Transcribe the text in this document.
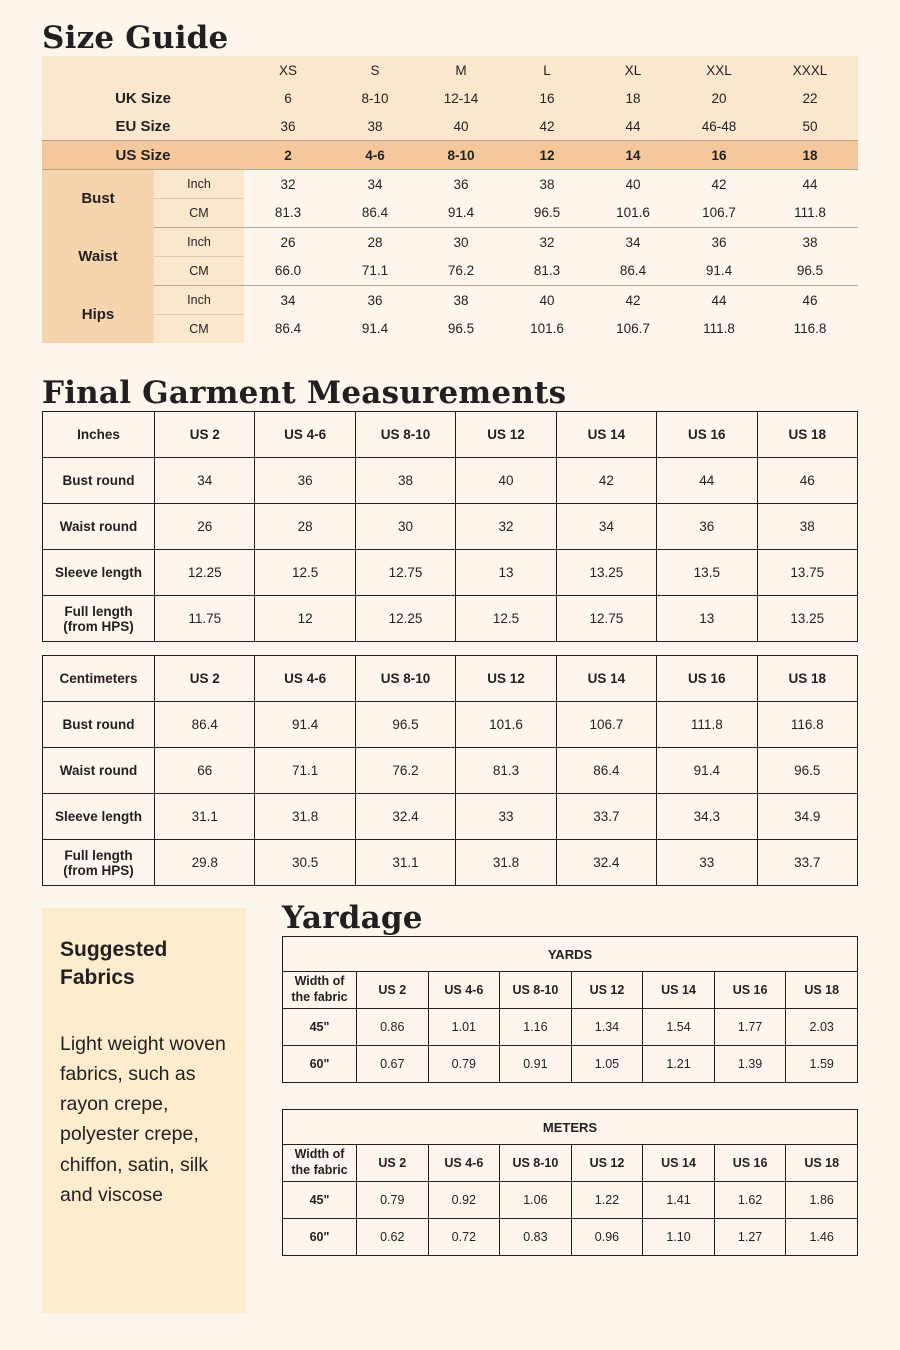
Size Guide
		XS	S	M	L	XL	XXL	XXXL
UK Size		6	8-10	12-14	16	18	20	22
EU Size		36	38	40	42	44	46-48	50
US Size		2	4-6	8-10	12	14	16	18
Bust	Inch	32	34	36	38	40	42	44
	CM	81.3	86.4	91.4	96.5	101.6	106.7	111.8
Waist	Inch	26	28	30	32	34	36	38
	CM	66.0	71.1	76.2	81.3	86.4	91.4	96.5
Hips	Inch	34	36	38	40	42	44	46
	CM	86.4	91.4	96.5	101.6	106.7	111.8	116.8
Final Garment Measurements
Inches	US 2	US 4-6	US 8-10	US 12	US 14	US 16	US 18
Bust round	34	36	38	40	42	44	46
Waist round	26	28	30	32	34	36	38
Sleeve length	12.25	12.5	12.75	13	13.25	13.5	13.75
Full length
(from HPS)	11.75	12	12.25	12.5	12.75	13	13.25
Centimeters	US 2	US 4-6	US 8-10	US 12	US 14	US 16	US 18
Bust round	86.4	91.4	96.5	101.6	106.7	111.8	116.8
Waist round	66	71.1	76.2	81.3	86.4	91.4	96.5
Sleeve length	31.1	31.8	32.4	33	33.7	34.3	34.9
Full length
(from HPS)	29.8	30.5	31.1	31.8	32.4	33	33.7
Suggested
Fabrics

Light weight woven fabrics, such as rayon crepe, polyester crepe, chiffon, satin, silk and viscose

Yardage
YARDS							
Width of
the fabric	US 2	US 4-6	US 8-10	US 12	US 14	US 16	US 18
45"	0.86	1.01	1.16	1.34	1.54	1.77	2.03
60"	0.67	0.79	0.91	1.05	1.21	1.39	1.59
METERS							
Width of
the fabric	US 2	US 4-6	US 8-10	US 12	US 14	US 16	US 18
45"	0.79	0.92	1.06	1.22	1.41	1.62	1.86
60"	0.62	0.72	0.83	0.96	1.10	1.27	1.46
